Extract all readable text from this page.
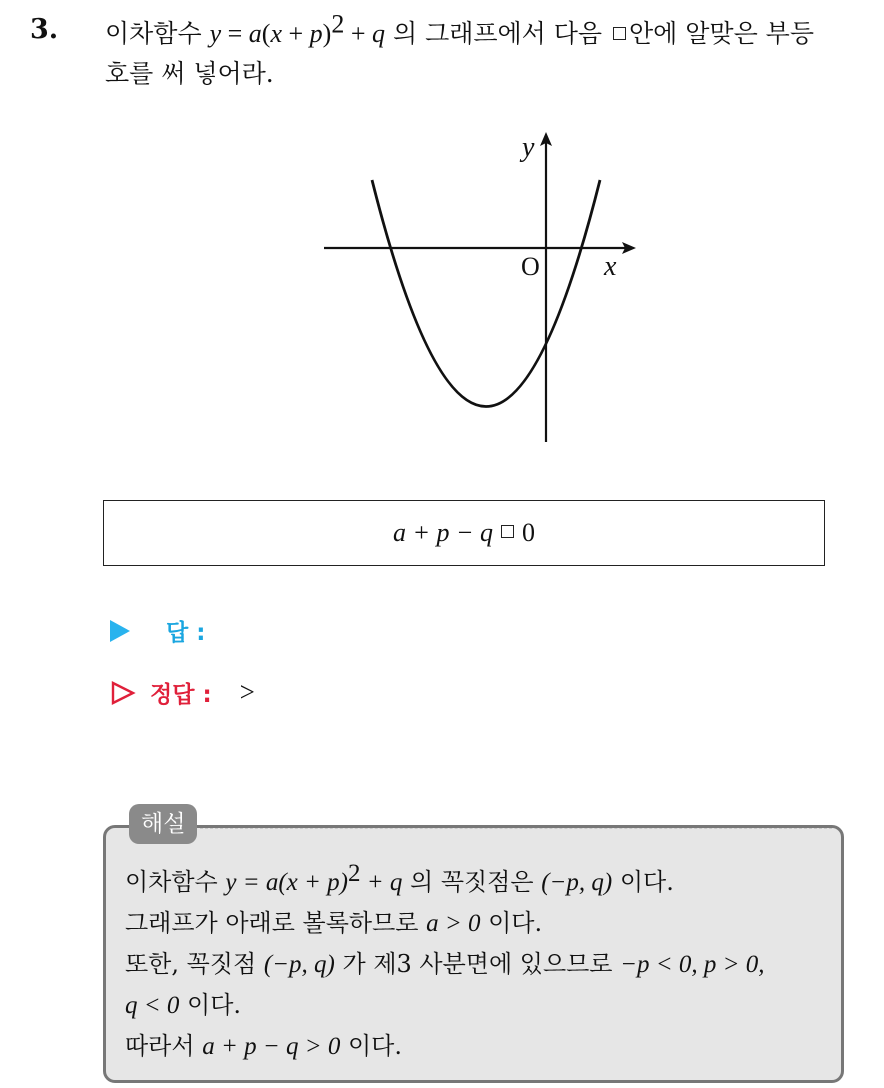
3. 이차함수 $y = a(x + p)^2 + q$ 의 그래프에서 다음 안에 알맞은 부등
호를 써 넣어라.
y
x
O
a + p − q 0
답 :
정답 : >
해설
이차함수 $y = a(x + p)^2 + q$ 의 꼭짓점은 (−p, q) 이다.
그래프가 아래로 볼록하므로 a > 0 이다.
또한, 꼭짓점 (−p, q) 가 제3 사분면에 있으므로 −p < 0, p > 0,
q < 0 이다.
따라서 a + p − q > 0 이다.
